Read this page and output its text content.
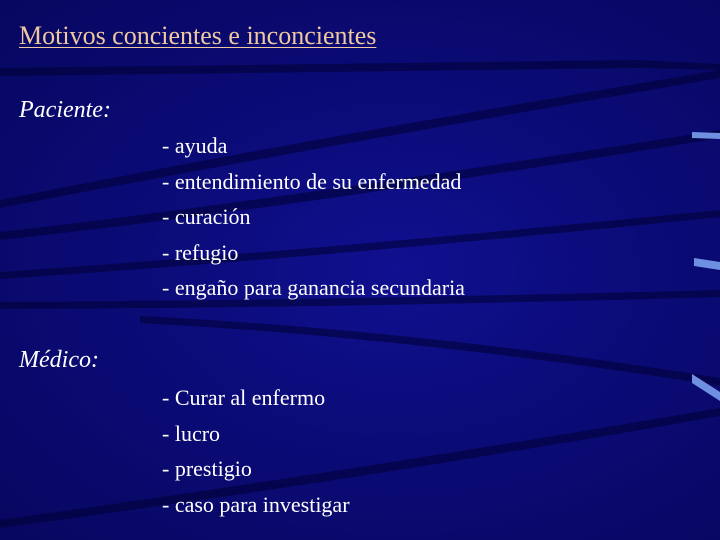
Motivos concientes e inconcientes

Paciente:

- ayuda
- entendimiento de su enfermedad
- curación
- refugio
- engaño para ganancia secundaria

Médico:

- Curar al enfermo
- lucro
- prestigio
- caso para investigar
